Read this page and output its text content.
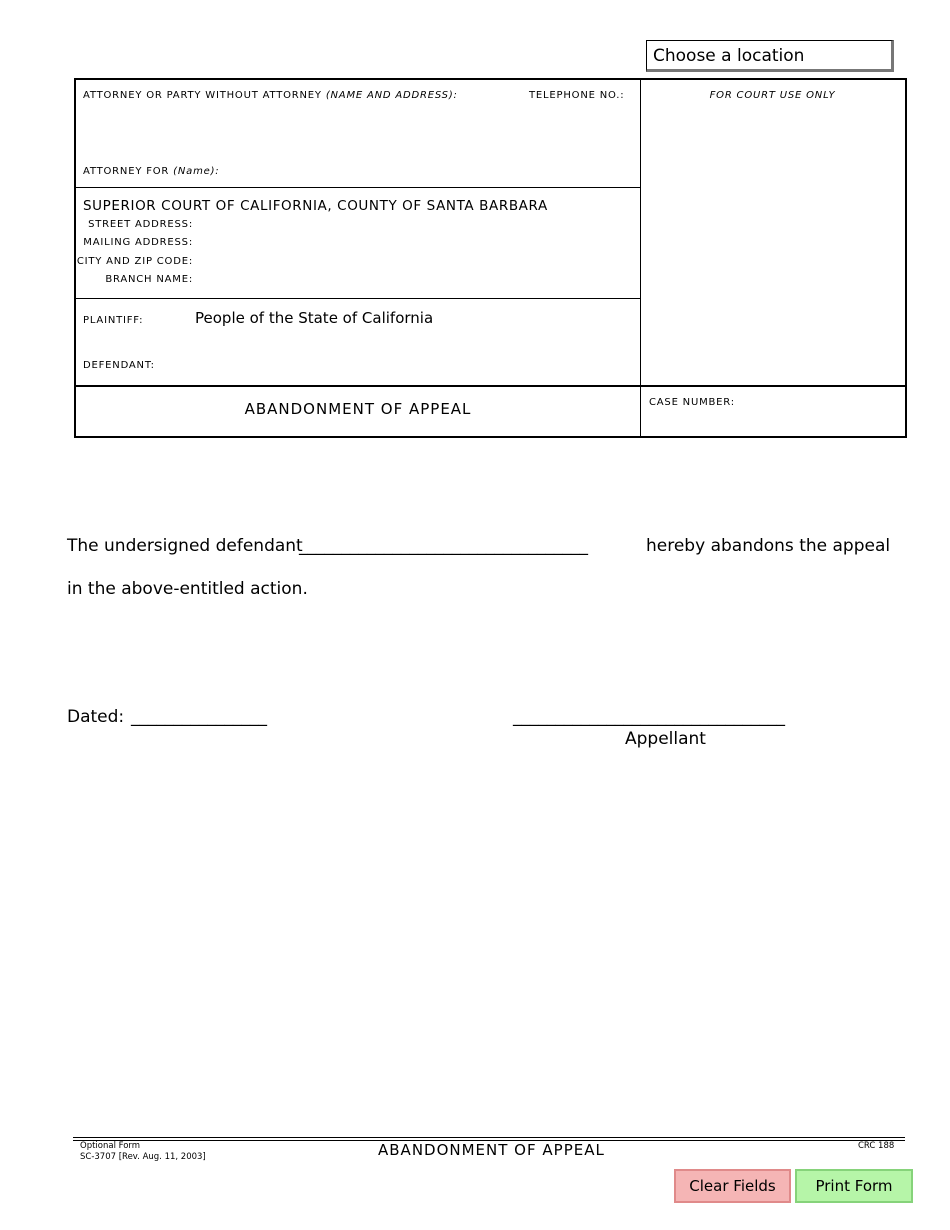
Choose a location
ATTORNEY OR PARTY WITHOUT ATTORNEY (NAME AND ADDRESS):	TELEPHONE NO.:
ATTORNEY FOR (Name):
FOR COURT USE ONLY
SUPERIOR COURT OF CALIFORNIA, COUNTY OF SANTA BARBARA
STREET ADDRESS:
MAILING ADDRESS:
CITY AND ZIP CODE:
BRANCH NAME:
PLAINTIFF:	People of the State of California
DEFENDANT:
ABANDONMENT OF APPEAL	CASE NUMBER:
The undersigned defendant
__________________________________	hereby abandons the appeal
in the above-entitled action.
Dated: ________________	________________________________
Appellant
Optional Form
SC-3707 [Rev. Aug. 11, 2003]	ABANDONMENT OF APPEAL	CRC 188
Clear Fields	Print Form
